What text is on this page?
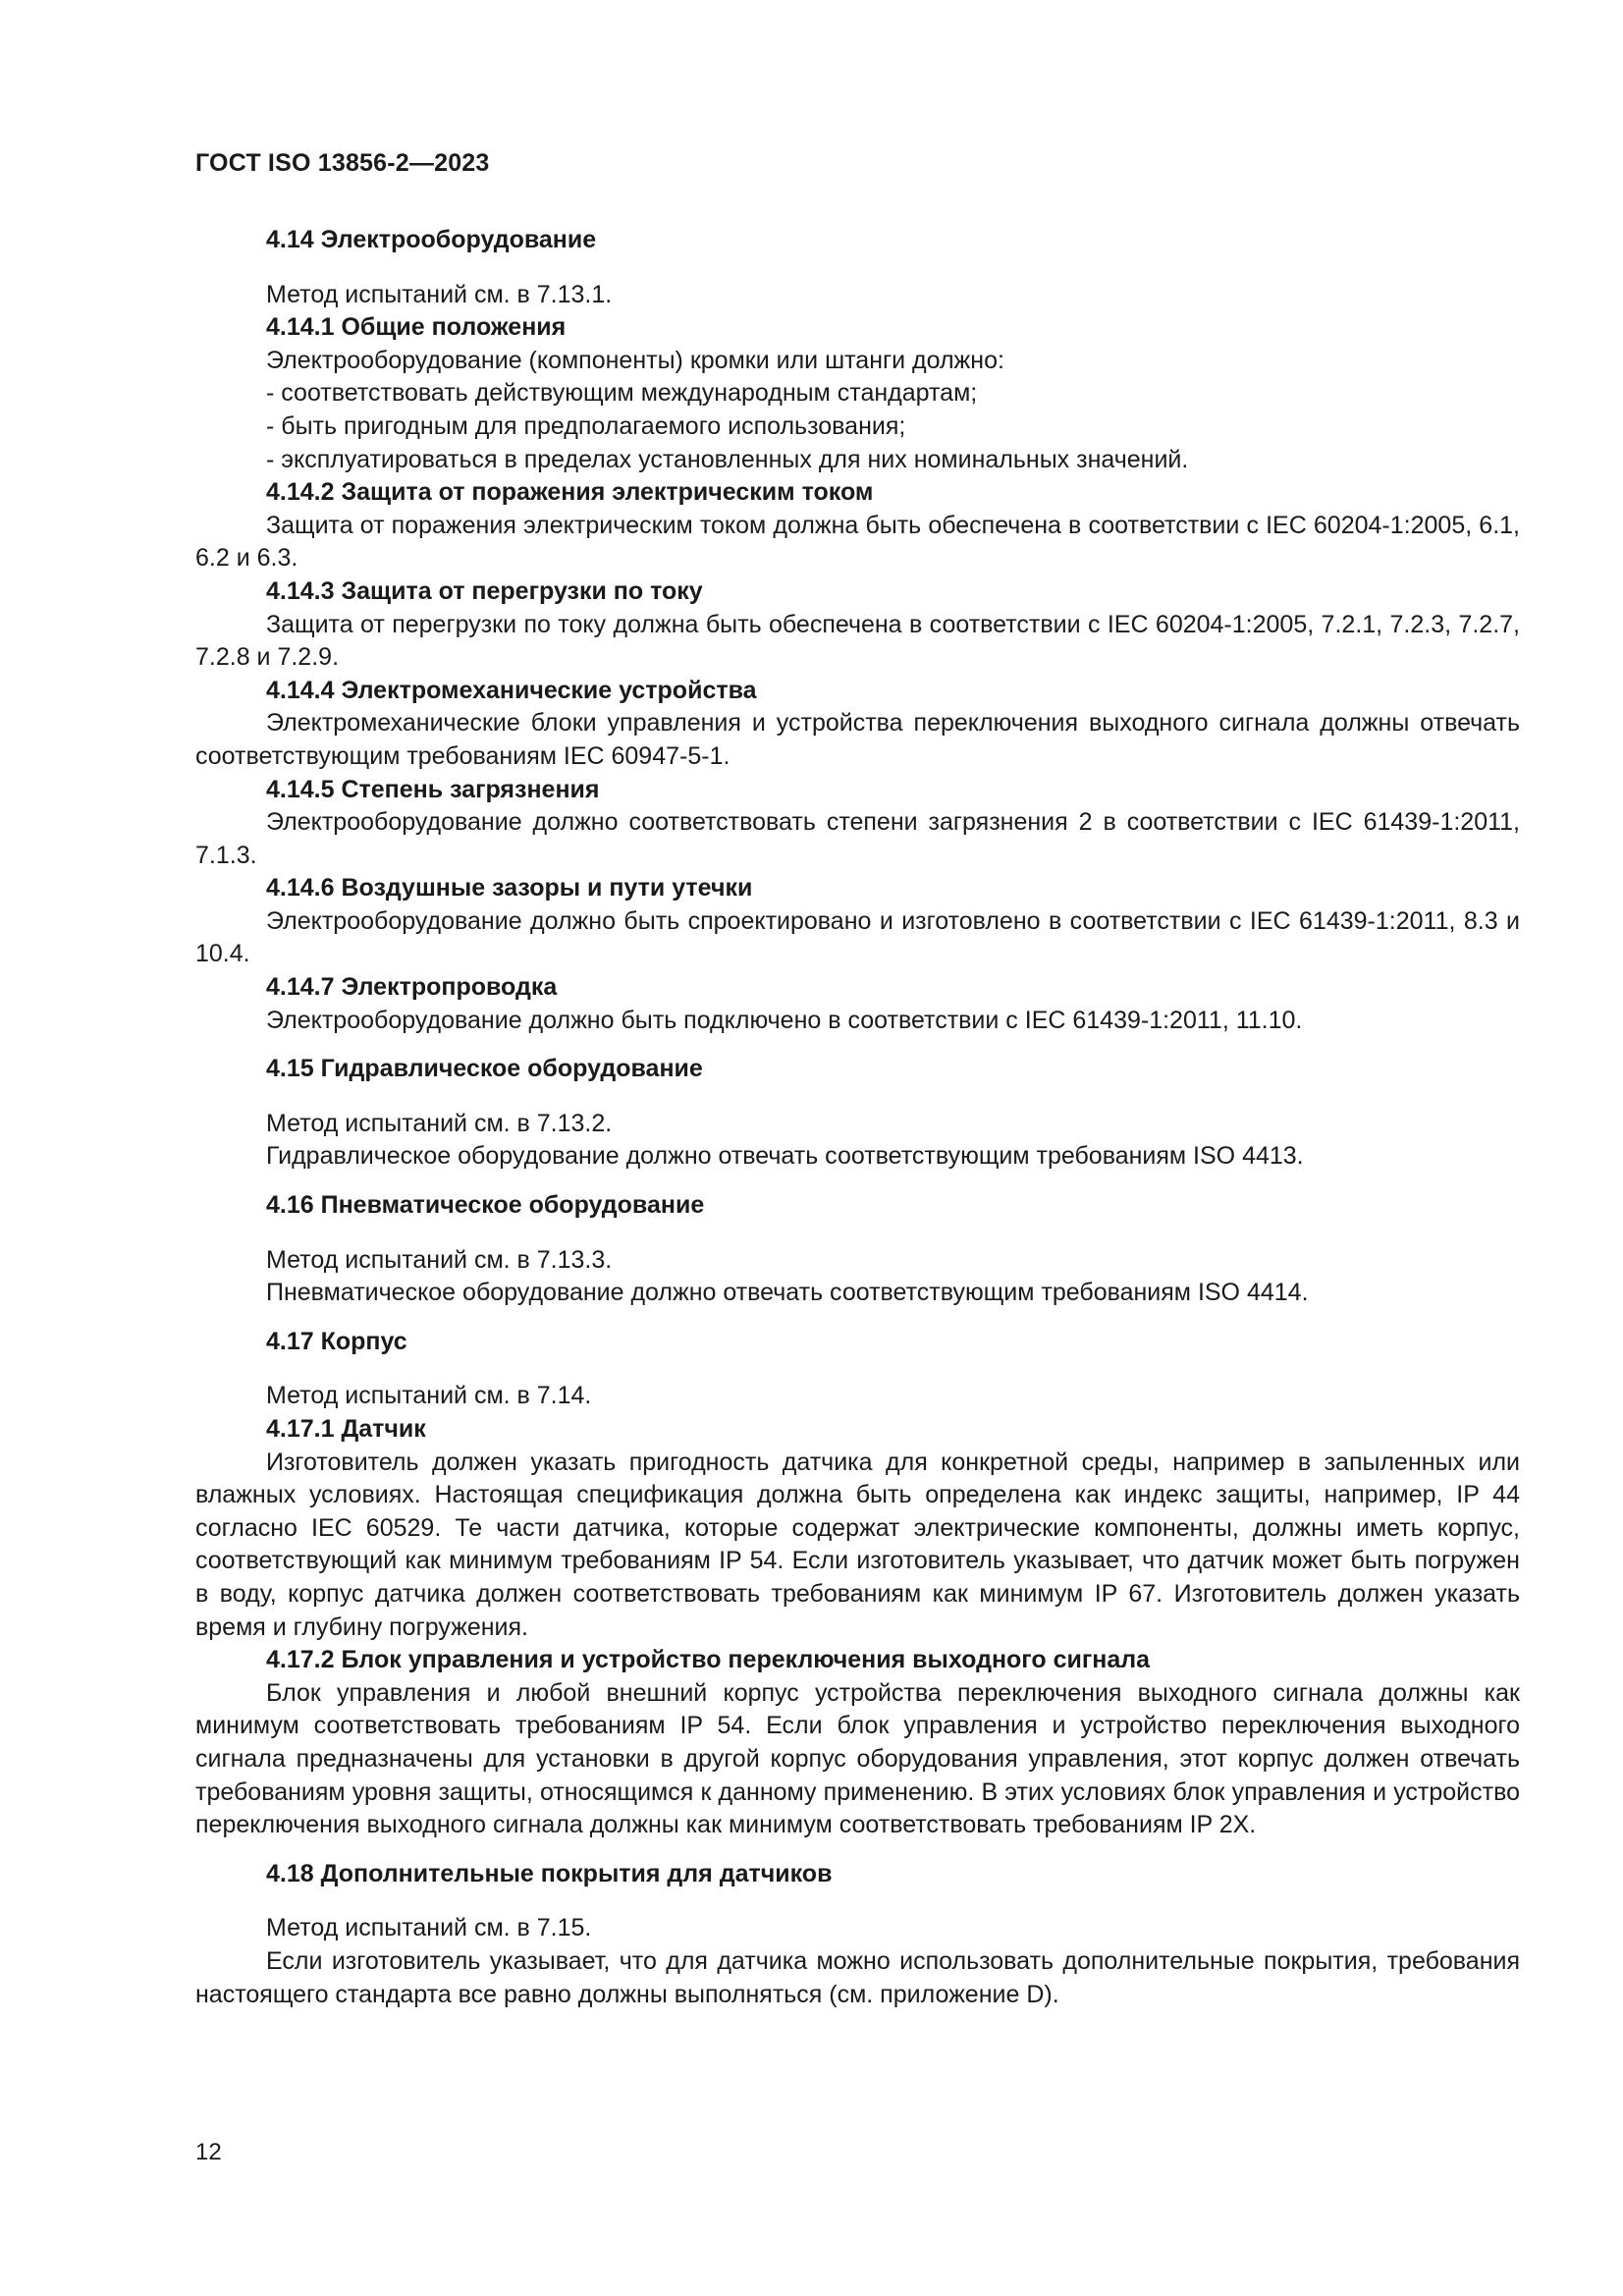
ГОСТ ISO 13856-2—2023

4.14 Электрооборудование

Метод испытаний см. в 7.13.1.

4.14.1 Общие положения

Электрооборудование (компоненты) кромки или штанги должно:

- соответствовать действующим международным стандартам;

- быть пригодным для предполагаемого использования;

- эксплуатироваться в пределах установленных для них номинальных значений.

4.14.2 Защита от поражения электрическим током

Защита от поражения электрическим током должна быть обеспечена в соответствии с IEC 60204-1:2005, 6.1, 6.2 и 6.3.

4.14.3 Защита от перегрузки по току

Защита от перегрузки по току должна быть обеспечена в соответствии с IEC 60204-1:2005, 7.2.1, 7.2.3, 7.2.7, 7.2.8 и 7.2.9.

4.14.4 Электромеханические устройства

Электромеханические блоки управления и устройства переключения выходного сигнала должны отвечать соответствующим требованиям IEC 60947-5-1.

4.14.5 Степень загрязнения

Электрооборудование должно соответствовать степени загрязнения 2 в соответствии с IEC 61439-1:2011, 7.1.3.

4.14.6 Воздушные зазоры и пути утечки

Электрооборудование должно быть спроектировано и изготовлено в соответствии с IEC 61439-1:2011, 8.3 и 10.4.

4.14.7 Электропроводка

Электрооборудование должно быть подключено в соответствии с IEC 61439-1:2011, 11.10.

4.15 Гидравлическое оборудование

Метод испытаний см. в 7.13.2.

Гидравлическое оборудование должно отвечать соответствующим требованиям ISO 4413.

4.16 Пневматическое оборудование

Метод испытаний см. в 7.13.3.

Пневматическое оборудование должно отвечать соответствующим требованиям ISO 4414.

4.17 Корпус

Метод испытаний см. в 7.14.

4.17.1 Датчик

Изготовитель должен указать пригодность датчика для конкретной среды, например в запыленных или влажных условиях. Настоящая спецификация должна быть определена как индекс защиты, например, IP 44 согласно IEC 60529. Те части датчика, которые содержат электрические компоненты, должны иметь корпус, соответствующий как минимум требованиям IP 54. Если изготовитель указывает, что датчик может быть погружен в воду, корпус датчика должен соответствовать требованиям как минимум IP 67. Изготовитель должен указать время и глубину погружения.

4.17.2 Блок управления и устройство переключения выходного сигнала

Блок управления и любой внешний корпус устройства переключения выходного сигнала должны как минимум соответствовать требованиям IP 54. Если блок управления и устройство переключения выходного сигнала предназначены для установки в другой корпус оборудования управления, этот корпус должен отвечать требованиям уровня защиты, относящимся к данному применению. В этих условиях блок управления и устройство переключения выходного сигнала должны как минимум соответствовать требованиям IP 2X.

4.18 Дополнительные покрытия для датчиков

Метод испытаний см. в 7.15.

Если изготовитель указывает, что для датчика можно использовать дополнительные покрытия, требования настоящего стандарта все равно должны выполняться (см. приложение D).

12
